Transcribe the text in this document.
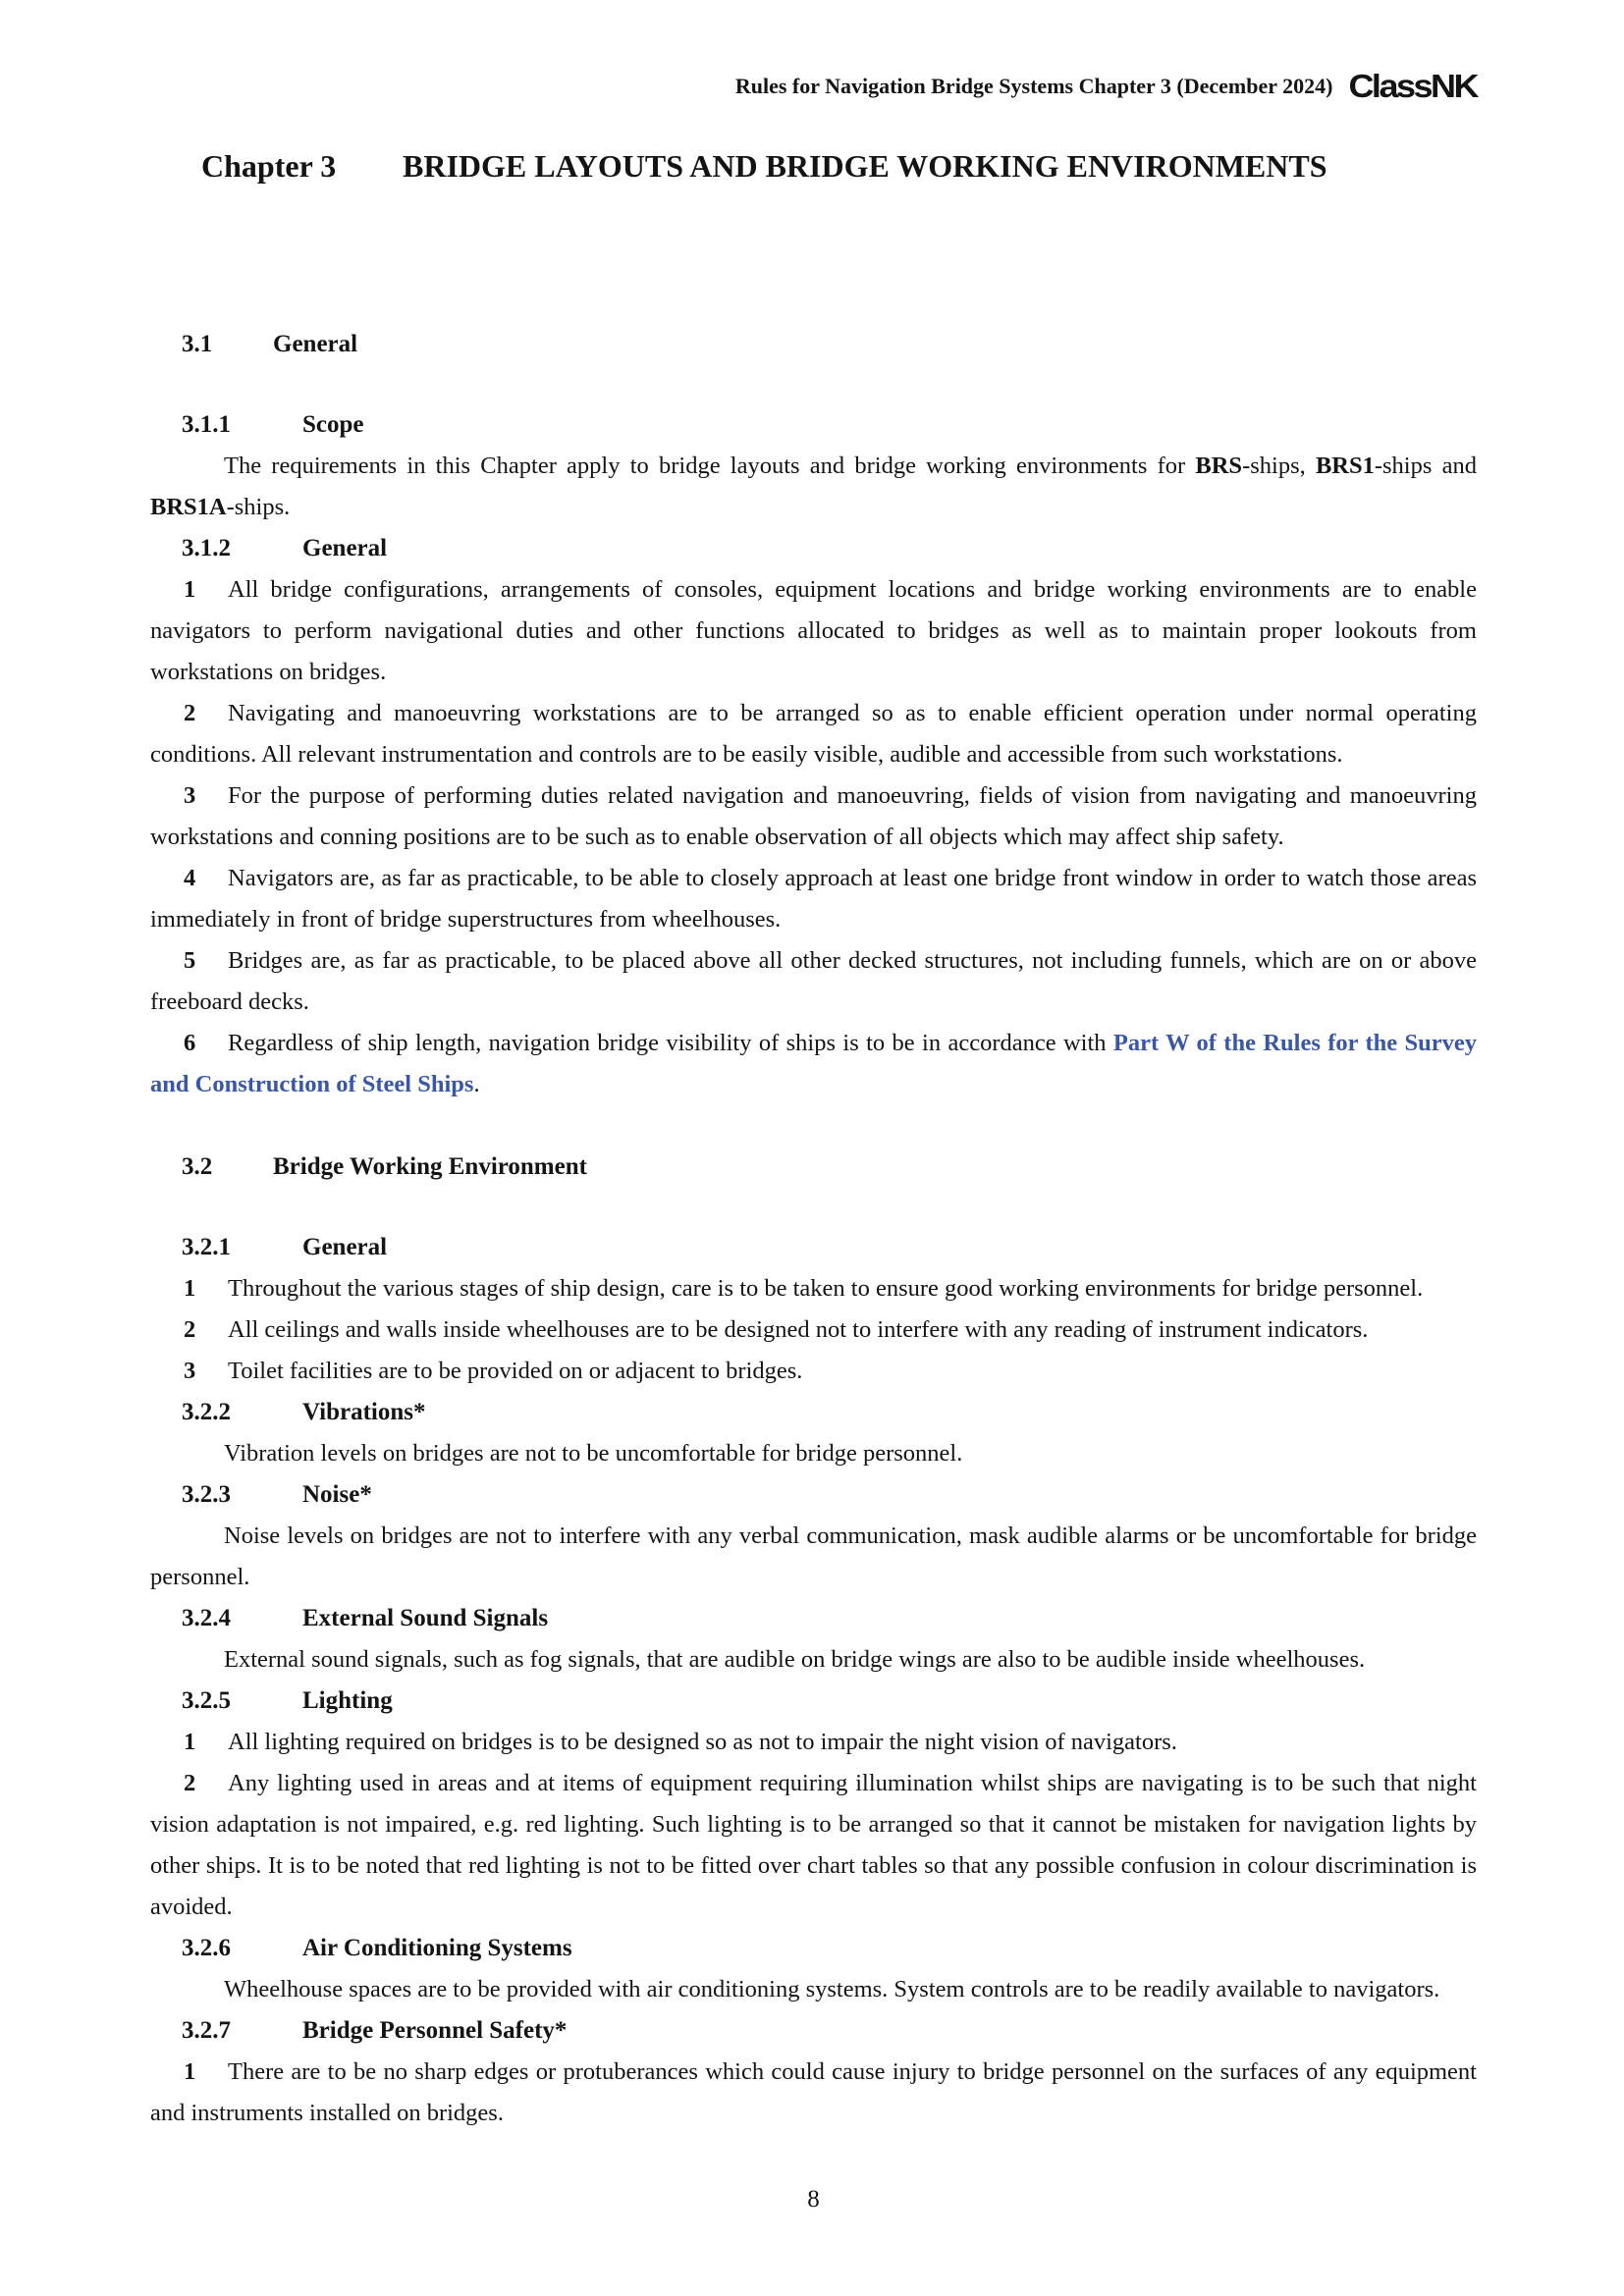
Rules for Navigation Bridge Systems Chapter 3 (December 2024) ClassNK
Chapter 3	BRIDGE LAYOUTS AND BRIDGE WORKING ENVIRONMENTS
3.1	General
3.1.1	Scope

The requirements in this Chapter apply to bridge layouts and bridge working environments for BRS-ships, BRS1-ships and BRS1A-ships.

3.1.2	General

1 All bridge configurations, arrangements of consoles, equipment locations and bridge working environments are to enable navigators to perform navigational duties and other functions allocated to bridges as well as to maintain proper lookouts from workstations on bridges.

2 Navigating and manoeuvring workstations are to be arranged so as to enable efficient operation under normal operating conditions. All relevant instrumentation and controls are to be easily visible, audible and accessible from such workstations.

3 For the purpose of performing duties related navigation and manoeuvring, fields of vision from navigating and manoeuvring workstations and conning positions are to be such as to enable observation of all objects which may affect ship safety.

4 Navigators are, as far as practicable, to be able to closely approach at least one bridge front window in order to watch those areas immediately in front of bridge superstructures from wheelhouses.

5 Bridges are, as far as practicable, to be placed above all other decked structures, not including funnels, which are on or above freeboard decks.

6 Regardless of ship length, navigation bridge visibility of ships is to be in accordance with Part W of the Rules for the Survey and Construction of Steel Ships.

3.2	Bridge Working Environment
3.2.1	General

1 Throughout the various stages of ship design, care is to be taken to ensure good working environments for bridge personnel.

2 All ceilings and walls inside wheelhouses are to be designed not to interfere with any reading of instrument indicators.

3 Toilet facilities are to be provided on or adjacent to bridges.

3.2.2	Vibrations*

Vibration levels on bridges are not to be uncomfortable for bridge personnel.

3.2.3	Noise*

Noise levels on bridges are not to interfere with any verbal communication, mask audible alarms or be uncomfortable for bridge personnel.

3.2.4	External Sound Signals

External sound signals, such as fog signals, that are audible on bridge wings are also to be audible inside wheelhouses.

3.2.5	Lighting

1 All lighting required on bridges is to be designed so as not to impair the night vision of navigators.

2 Any lighting used in areas and at items of equipment requiring illumination whilst ships are navigating is to be such that night vision adaptation is not impaired, e.g. red lighting. Such lighting is to be arranged so that it cannot be mistaken for navigation lights by other ships. It is to be noted that red lighting is not to be fitted over chart tables so that any possible confusion in colour discrimination is avoided.

3.2.6	Air Conditioning Systems

Wheelhouse spaces are to be provided with air conditioning systems. System controls are to be readily available to navigators.

3.2.7	Bridge Personnel Safety*

1 There are to be no sharp edges or protuberances which could cause injury to bridge personnel on the surfaces of any equipment and instruments installed on bridges.

8
